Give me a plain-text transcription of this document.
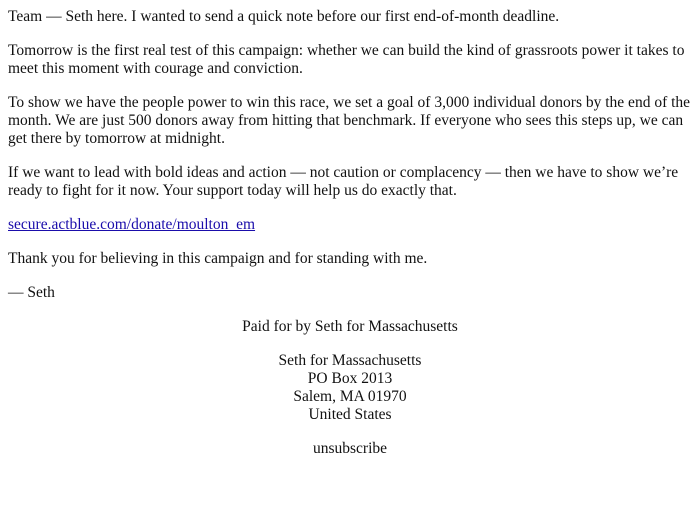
Team — Seth here. I wanted to send a quick note before our first end-of-month deadline.

Tomorrow is the first real test of this campaign: whether we can build the kind of grassroots power it takes to meet this moment with courage and conviction.

To show we have the people power to win this race, we set a goal of 3,000 individual donors by the end of the month. We are just 500 donors away from hitting that benchmark. If everyone who sees this steps up, we can get there by tomorrow at midnight.

If we want to lead with bold ideas and action — not caution or complacency — then we have to show we’re ready to fight for it now. Your support today will help us do exactly that.

secure.actblue.com/donate/moulton_em

Thank you for believing in this campaign and for standing with me.

— Seth

Paid for by Seth for Massachusetts

Seth for Massachusetts
PO Box 2013
Salem, MA 01970
United States

unsubscribe
